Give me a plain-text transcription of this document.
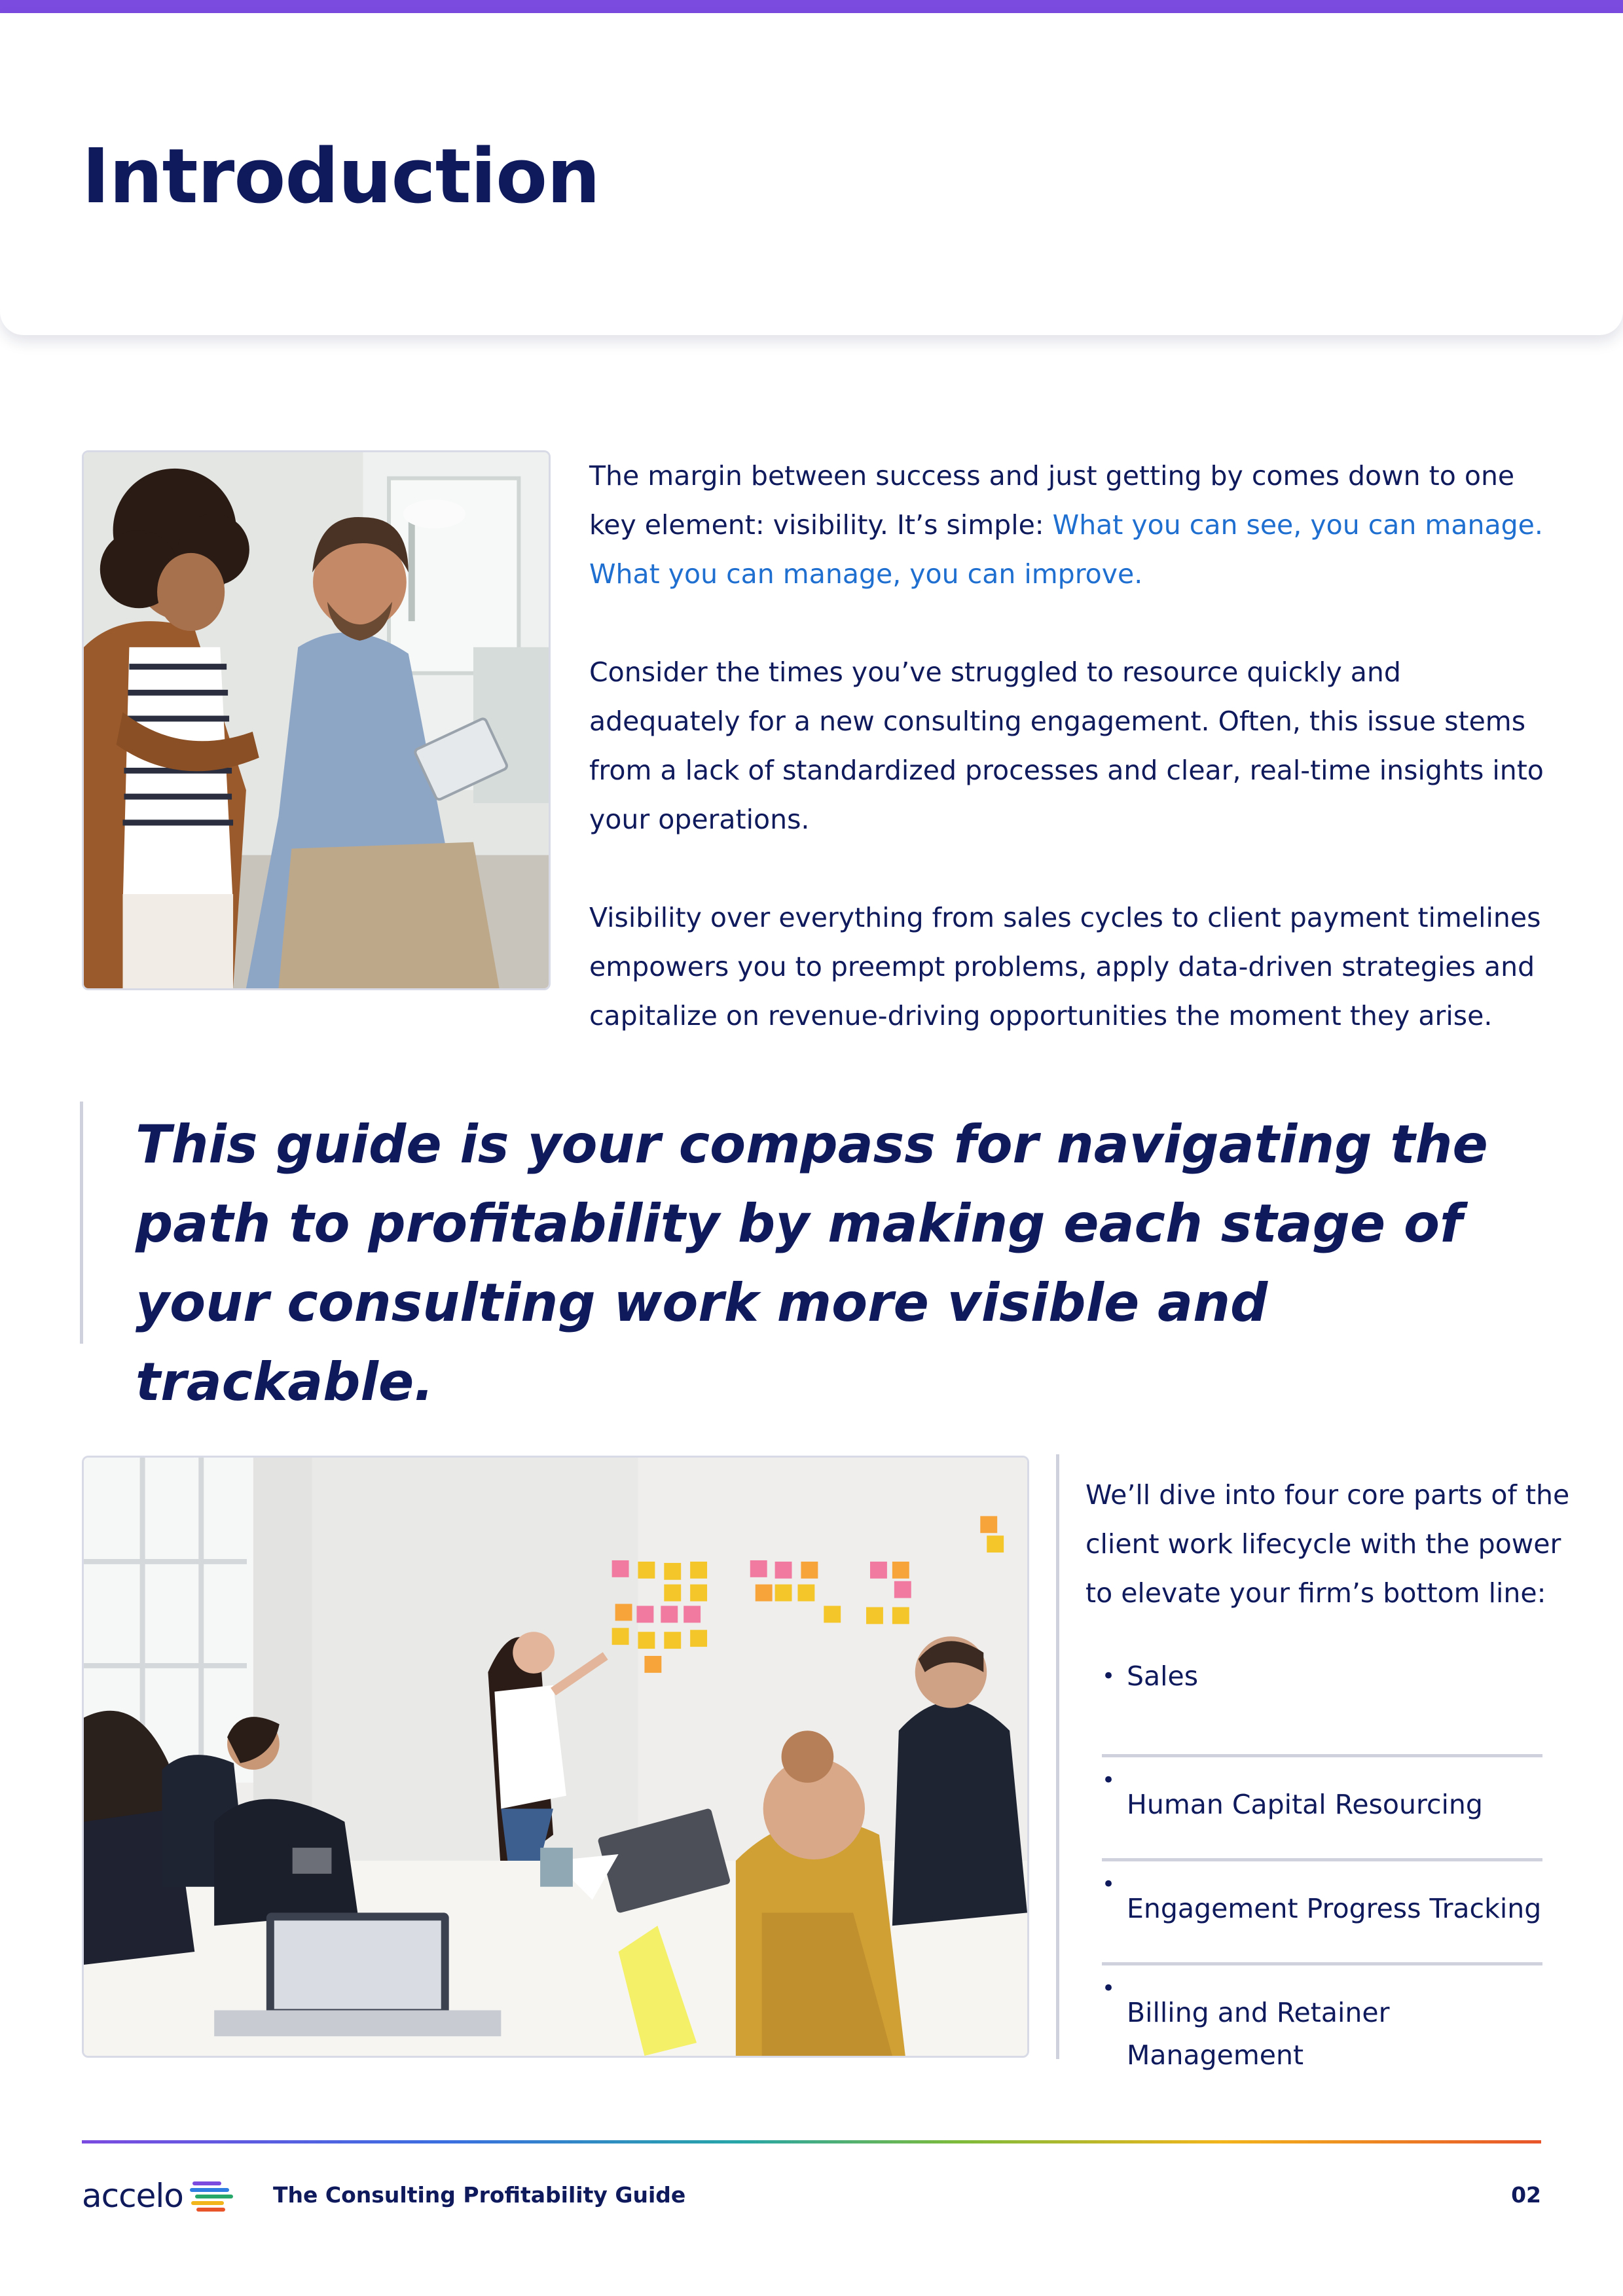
Introduction

The margin between success and just getting by comes down to one key element: visibility. It’s simple: What you can see, you can manage. What you can manage, you can improve.

Consider the times you’ve struggled to resource quickly and adequately for a new consulting engagement. Often, this issue stems from a lack of standardized processes and clear, real-time insights into your operations.

Visibility over everything from sales cycles to client payment timelines empowers you to preempt problems, apply data-driven strategies and capitalize on revenue-driving opportunities the moment they arise.

This guide is your compass for navigating the path to profitability by making each stage of your consulting work more visible and trackable.

We’ll dive into four core parts of the client work lifecycle with the power to elevate your firm’s bottom line:

• Sales
•
Human Capital Resourcing
•
Engagement Progress Tracking
•
Billing and Retainer Management
accelo	The Consulting Profitability Guide	02
